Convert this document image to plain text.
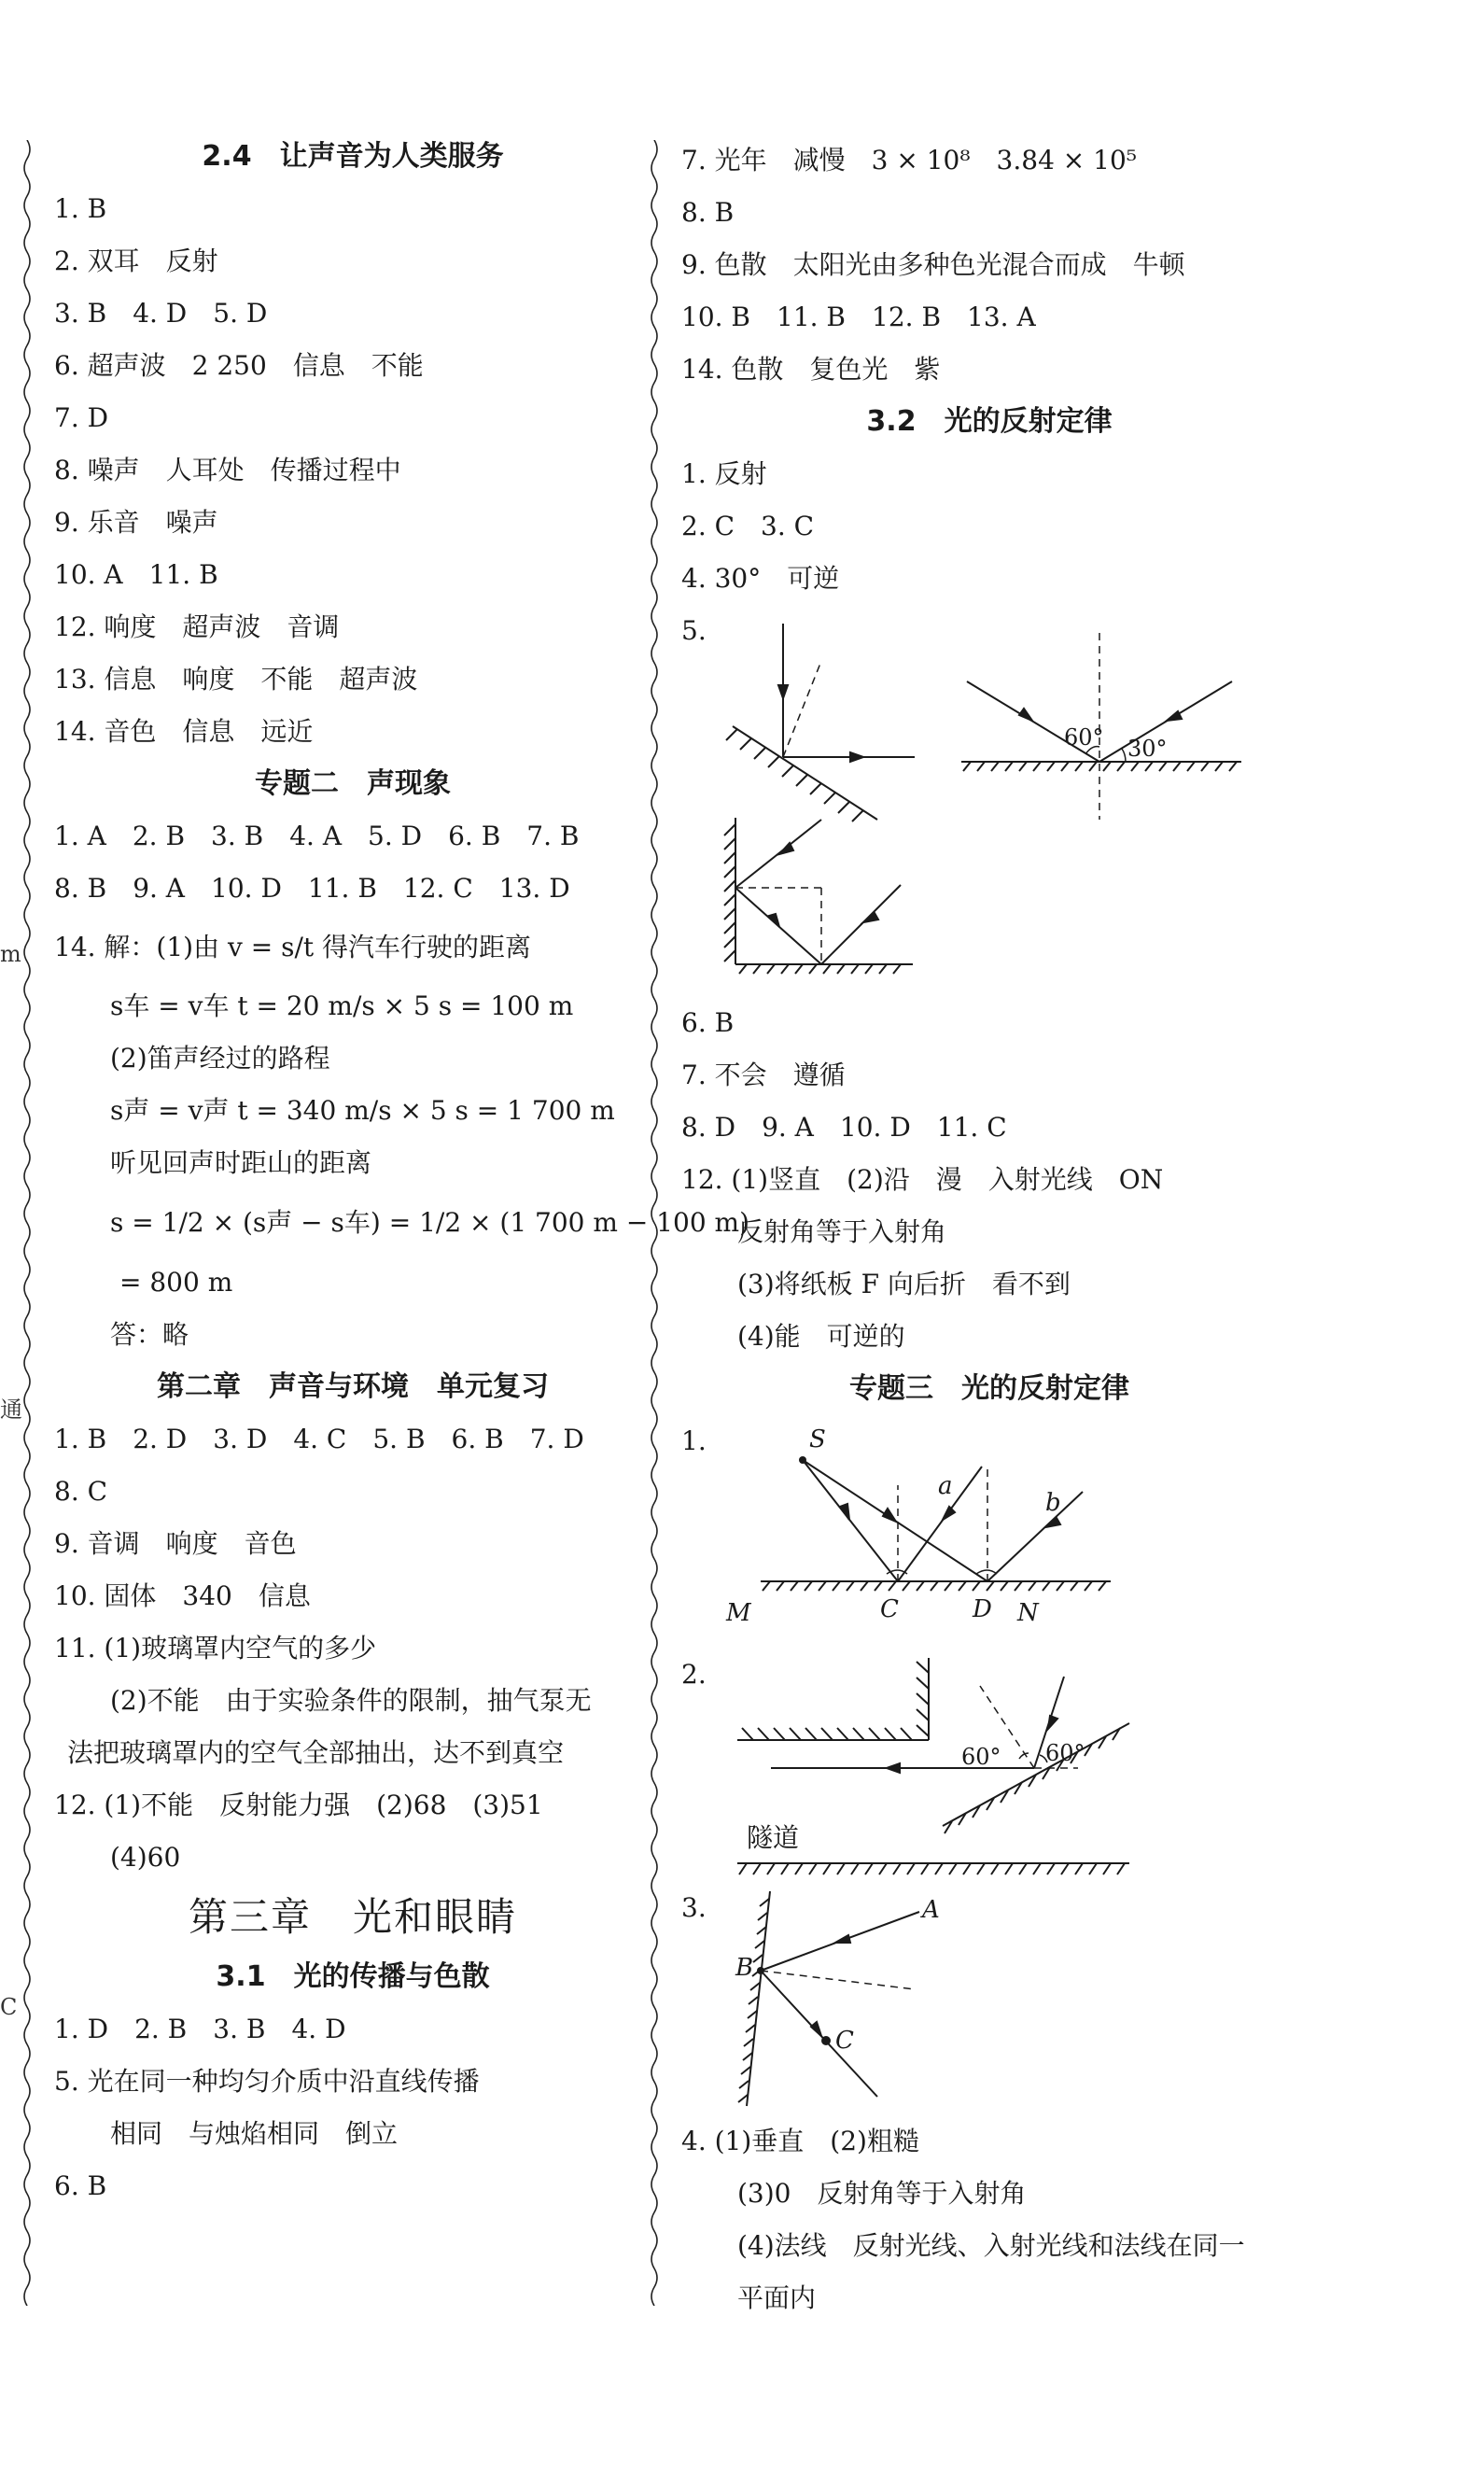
m
通
C
2.4　让声音为人类服务
1. B
2. 双耳　反射
3. B　4. D　5. D
6. 超声波　2 250　信息　不能
7. D
8. 噪声　人耳处　传播过程中
9. 乐音　噪声
10. A　11. B
12. 响度　超声波　音调
13. 信息　响度　不能　超声波
14. 音色　信息　远近
专题二　声现象
1. A　2. B　3. B　4. A　5. D　6. B　7. B
8. B　9. A　10. D　11. B　12. C　13. D
14. 解：(1)由 v = s/t 得汽车行驶的距离
s车 = v车 t = 20 m/s × 5 s = 100 m
(2)笛声经过的路程
s声 = v声 t = 340 m/s × 5 s = 1 700 m
听见回声时距山的距离
s = 1/2 × (s声 − s车) = 1/2 × (1 700 m − 100 m)
= 800 m
答：略
第二章　声音与环境　单元复习
1. B　2. D　3. D　4. C　5. B　6. B　7. D
8. C
9. 音调　响度　音色
10. 固体　340　信息
11. (1)玻璃罩内空气的多少
(2)不能　由于实验条件的限制，抽气泵无
法把玻璃罩内的空气全部抽出，达不到真空
12. (1)不能　反射能力强　(2)68　(3)51
(4)60
第三章　光和眼睛
3.1　光的传播与色散
1. D　2. B　3. B　4. D
5. 光在同一种均匀介质中沿直线传播
相同　与烛焰相同　倒立
6. B
7. 光年　减慢　3 × 10⁸　3.84 × 10⁵
8. B
9. 色散　太阳光由多种色光混合而成　牛顿
10. B　11. B　12. B　13. A
14. 色散　复色光　紫
3.2　光的反射定律
1. 反射
2. C　3. C
4. 30°　可逆
5.
60° 30°
6. B
7. 不会　遵循
8. D　9. A　10. D　11. C
12. (1)竖直　(2)沿　漫　入射光线　ON
反射角等于入射角
(3)将纸板 F 向后折　看不到
(4)能　可逆的
专题三　光的反射定律
1.	S
a
b
M	C	D N
2.
60° 60°
隧道
3.	A
B
C
4. (1)垂直　(2)粗糙
(3)0　反射角等于入射角
(4)法线　反射光线、入射光线和法线在同一
平面内
